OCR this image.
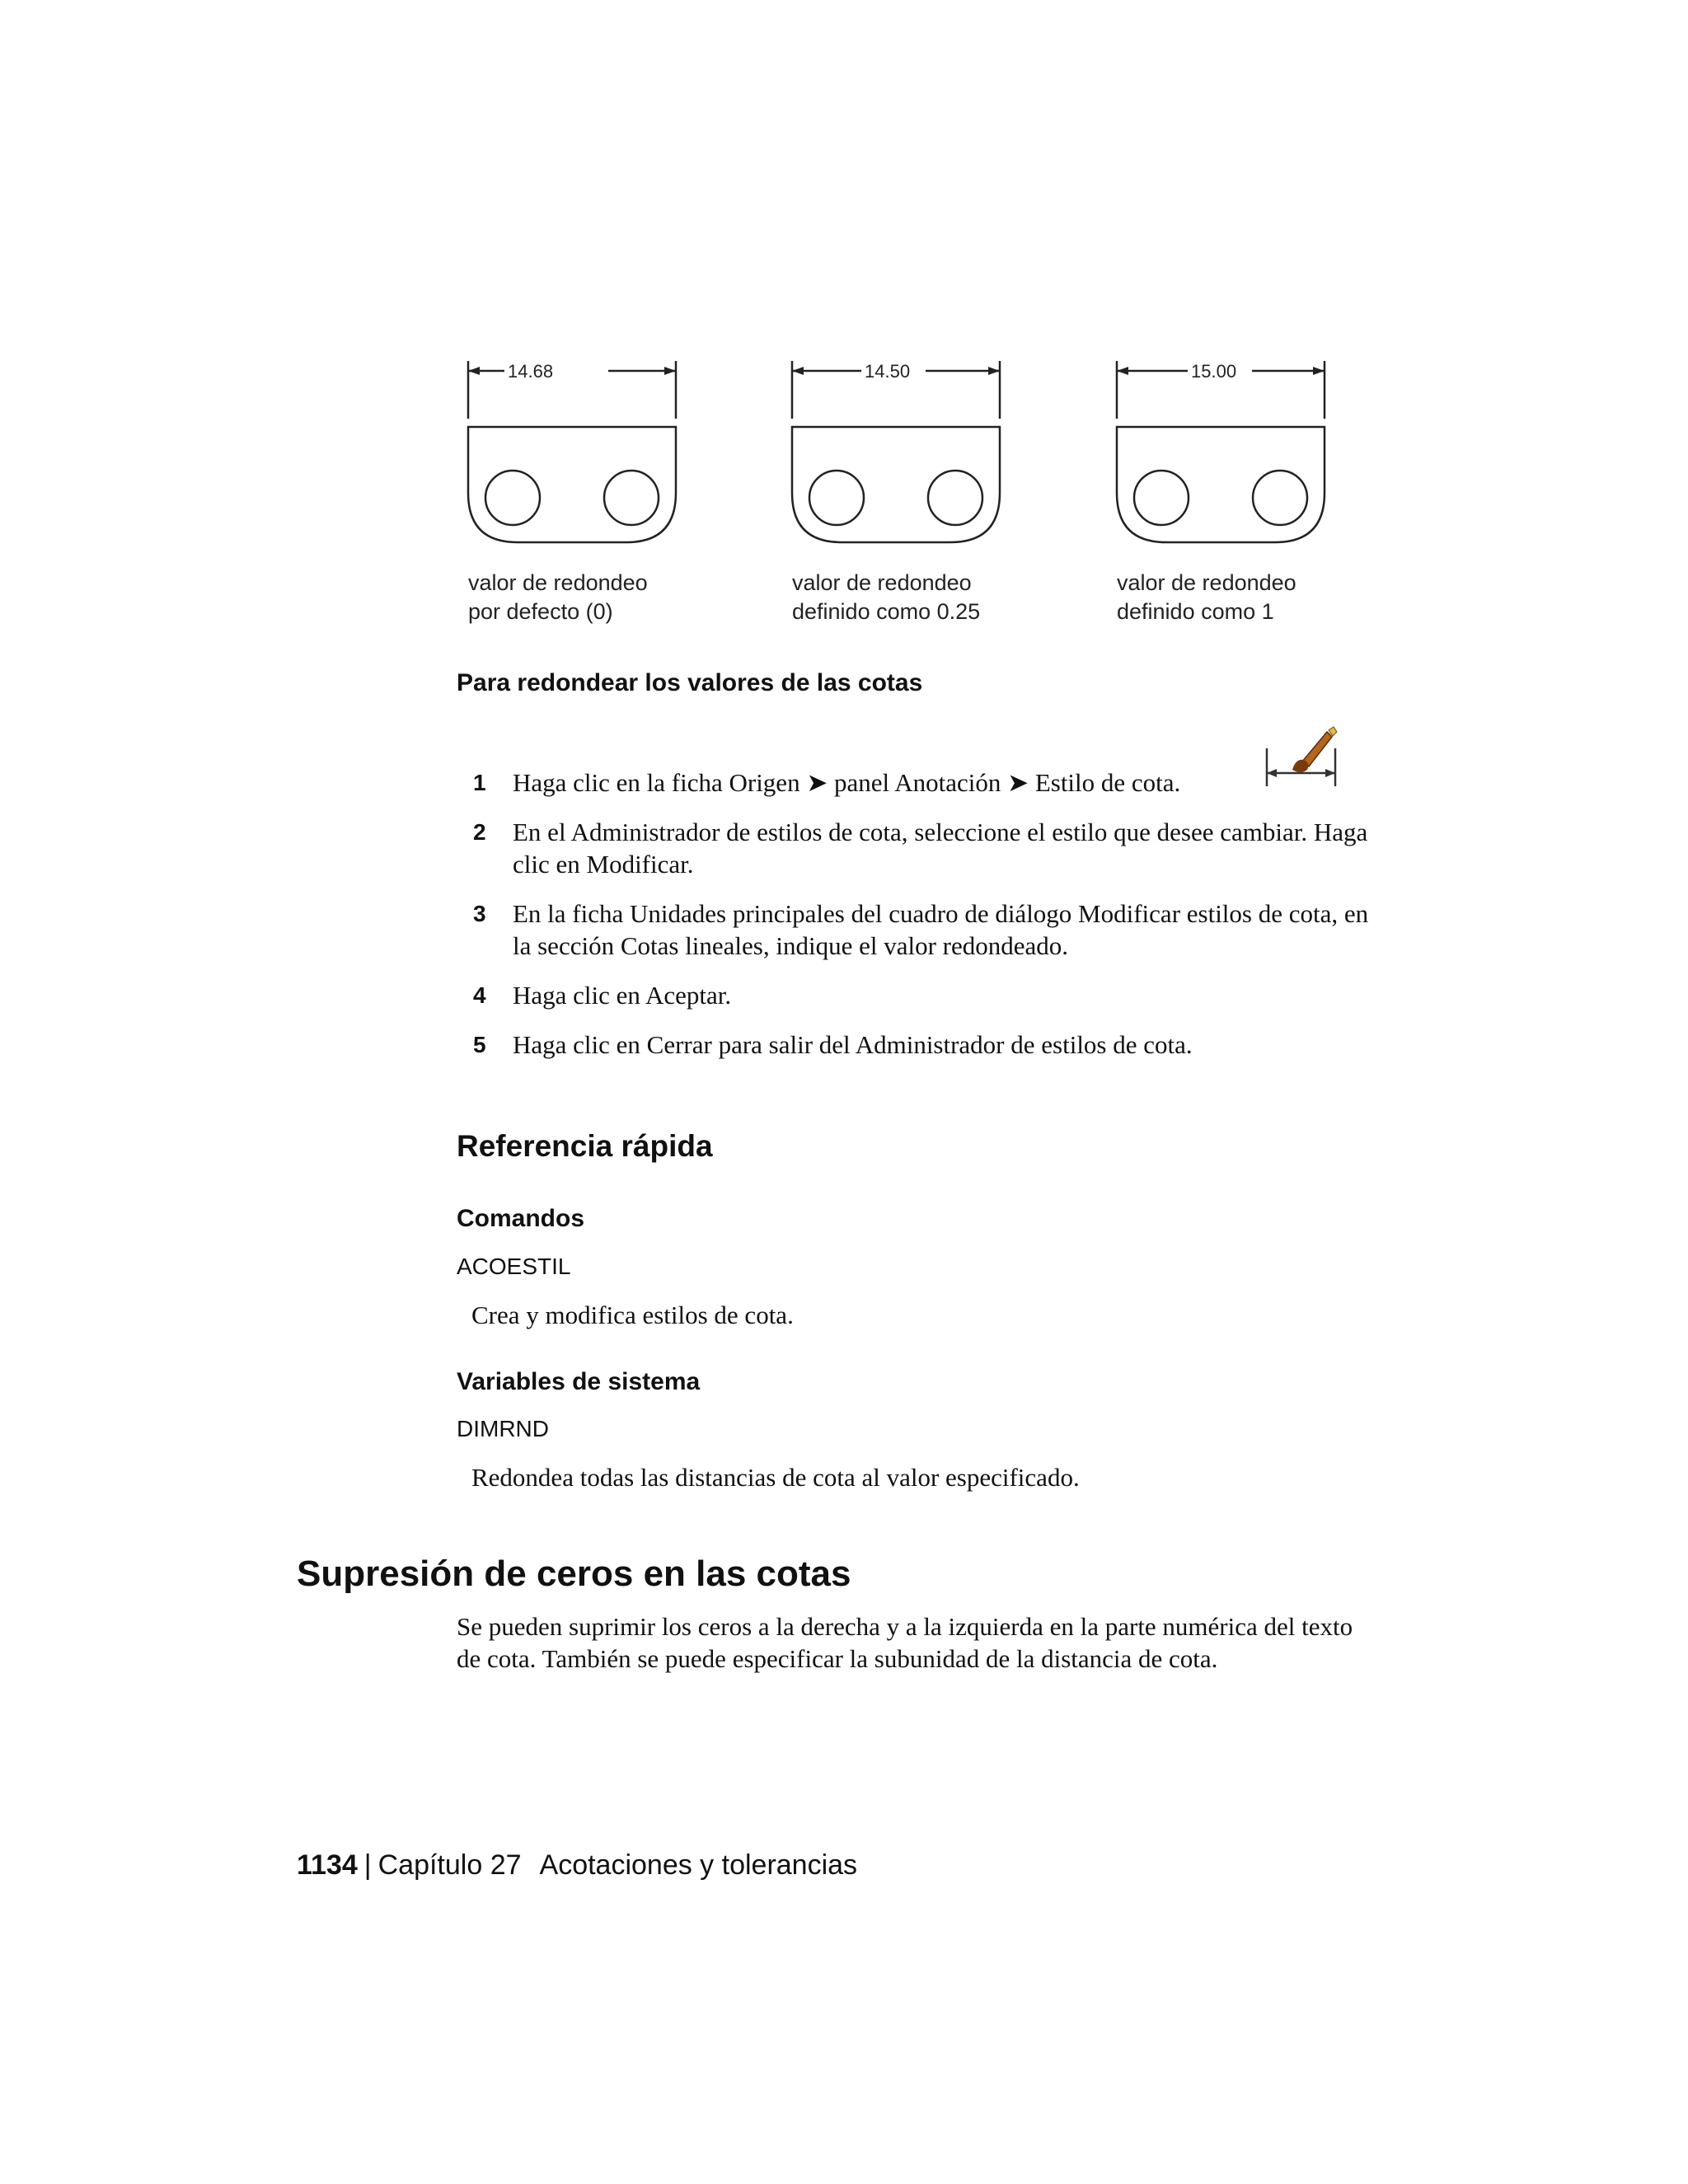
14.68
valor de redondeo
por defecto (0)
14.50
valor de redondeo
definido como 0.25
15.00
valor de redondeo
definido como 1
Para redondear los valores de las cotas
1 Haga clic en la ficha Origen ➤ panel Anotación ➤ Estilo de cota.
2 En el Administrador de estilos de cota, seleccione el estilo que desee cambiar. Haga clic en Modificar.
3 En la ficha Unidades principales del cuadro de diálogo Modificar estilos de cota, en la sección Cotas lineales, indique el valor redondeado.
4 Haga clic en Aceptar.
5 Haga clic en Cerrar para salir del Administrador de estilos de cota.
Referencia rápida
Comandos
ACOESTIL
Crea y modifica estilos de cota.
Variables de sistema
DIMRND
Redondea todas las distancias de cota al valor especificado.
Supresión de ceros en las cotas

Se pueden suprimir los ceros a la derecha y a la izquierda en la parte numérica del texto de cota. También se puede especificar la subunidad de la distancia de cota.

1134 | Capítulo 27 Acotaciones y tolerancias
